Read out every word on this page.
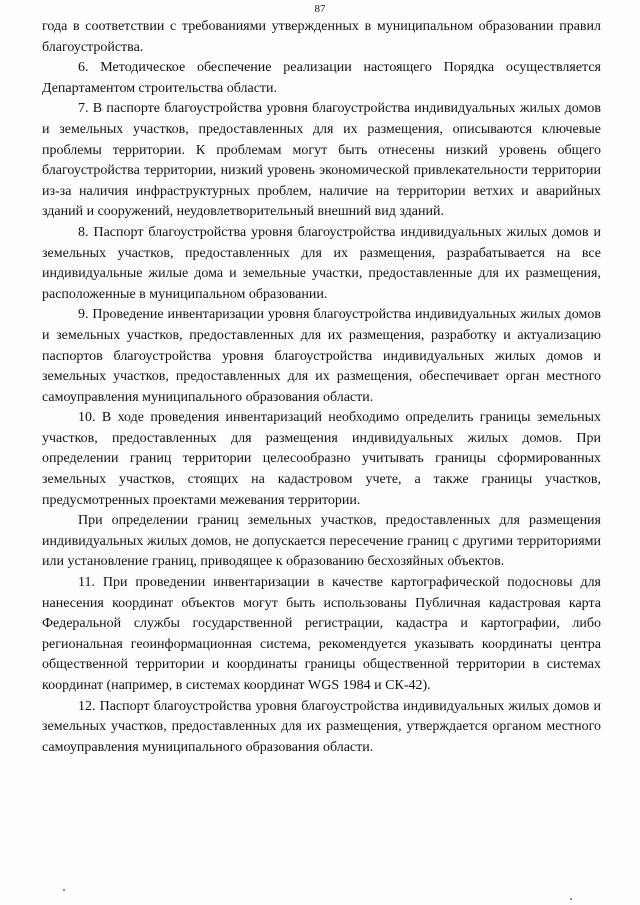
87

года в соответствии с требованиями утвержденных в муниципальном образовании правил благоустройства.

6. Методическое обеспечение реализации настоящего Порядка осуществляется Департаментом строительства области.

7. В паспорте благоустройства уровня благоустройства индивидуальных жилых домов и земельных участков, предоставленных для их размещения, описываются ключевые проблемы территории. К проблемам могут быть отнесены низкий уровень общего благоустройства территории, низкий уровень экономической привлекательности территории из-за наличия инфраструктурных проблем, наличие на территории ветхих и аварийных зданий и сооружений, неудовлетворительный внешний вид зданий.

8. Паспорт благоустройства уровня благоустройства индивидуальных жилых домов и земельных участков, предоставленных для их размещения, разрабатывается на все индивидуальные жилые дома и земельные участки, предоставленные для их размещения, расположенные в муниципальном образовании.

9. Проведение инвентаризации уровня благоустройства индивидуальных жилых домов и земельных участков, предоставленных для их размещения, разработку и актуализацию паспортов благоустройства уровня благоустройства индивидуальных жилых домов и земельных участков, предоставленных для их размещения, обеспечивает орган местного самоуправления муниципального образования области.

10. В ходе проведения инвентаризаций необходимо определить границы земельных участков, предоставленных для размещения индивидуальных жилых домов. При определении границ территории целесообразно учитывать границы сформированных земельных участков, стоящих на кадастровом учете, а также границы участков, предусмотренных проектами межевания территории.

При определении границ земельных участков, предоставленных для размещения индивидуальных жилых домов, не допускается пересечение границ с другими территориями или установление границ, приводящее к образованию бесхозяйных объектов.

11. При проведении инвентаризации в качестве картографической подосновы для нанесения координат объектов могут быть использованы Публичная кадастровая карта Федеральной службы государственной регистрации, кадастра и картографии, либо региональная геоинформационная система, рекомендуется указывать координаты центра общественной территории и координаты границы общественной территории в системах координат (например, в системах координат WGS 1984 и СК-42).

12. Паспорт благоустройства уровня благоустройства индивидуальных жилых домов и земельных участков, предоставленных для их размещения, утверждается органом местного самоуправления муниципального образования области.
